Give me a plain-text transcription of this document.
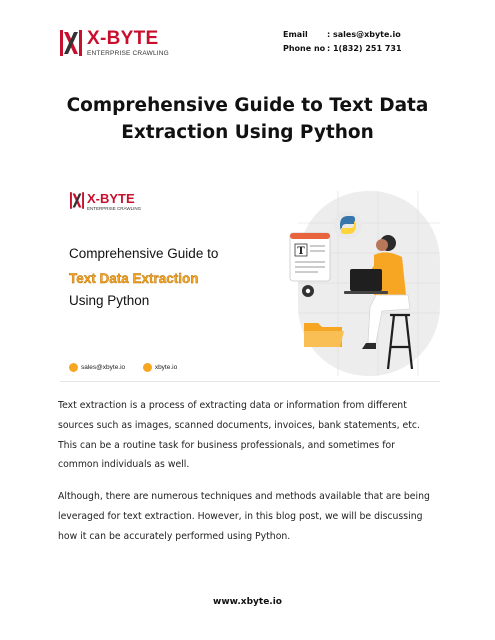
X-BYTE
ENTERPRISE CRAWLING
Email : sales@xbyte.io
Phone no : 1(832) 251 731
Comprehensive Guide to Text Data Extraction Using Python
X-BYTE
ENTERPRISE CRAWLING
Comprehensive Guide to
Text Data Extraction
Using Python
sales@xbyte.io	xbyte.io
T

Text extraction is a process of extracting data or information from different sources such as images, scanned documents, invoices, bank statements, etc. This can be a routine task for business professionals, and sometimes for common individuals as well.

Although, there are numerous techniques and methods available that are being leveraged for text extraction. However, in this blog post, we will be discussing how it can be accurately performed using Python.

www.xbyte.io
